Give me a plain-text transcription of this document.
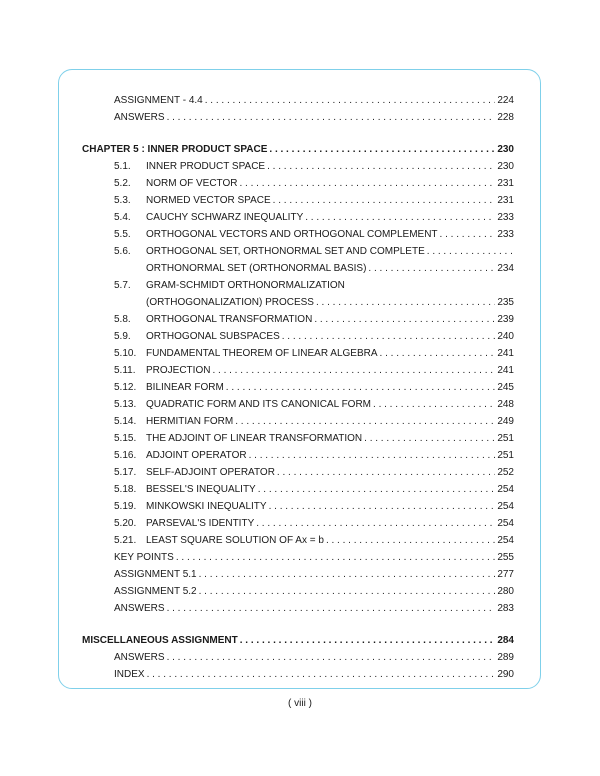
ASSIGNMENT - 4.4 . . .	224
ANSWERS . . .	228
CHAPTER 5 : INNER PRODUCT SPACE . . .	230
5.1.	INNER PRODUCT SPACE . . .	230
5.2.	NORM OF VECTOR . . .	231
5.3.	NORMED VECTOR SPACE . . .	231
5.4.	CAUCHY SCHWARZ INEQUALITY . . .	233
5.5.	ORTHOGONAL VECTORS AND ORTHOGONAL COMPLEMENT . . .	233
5.6.	ORTHOGONAL SET, ORTHONORMAL SET AND COMPLETE
. . .
ORTHONORMAL SET (ORTHONORMAL BASIS) . . .	234
5.7.	GRAM-SCHMIDT ORTHONORMALIZATION
(ORTHOGONALIZATION) PROCESS . . .	235
5.8.	ORTHOGONAL TRANSFORMATION . . .	239
5.9.	ORTHOGONAL SUBSPACES . . .	240
5.10. FUNDAMENTAL THEOREM OF LINEAR ALGEBRA . . .	241
5.11.	PROJECTION . . .	241
5.12. BILINEAR FORM . . .	245
5.13. QUADRATIC FORM AND ITS CANONICAL FORM . . .	248
5.14. HERMITIAN FORM . . .	249
5.15. THE ADJOINT OF LINEAR TRANSFORMATION . . .	251
5.16. ADJOINT OPERATOR . . .	251
5.17. SELF-ADJOINT OPERATOR . . .	252
5.18. BESSEL'S INEQUALITY . . .	254
5.19. MINKOWSKI INEQUALITY . . .	254
5.20. PARSEVAL'S IDENTITY . . .	254
5.21. LEAST SQUARE SOLUTION OF Ax = b . . .	254
KEY POINTS . . .	255
ASSIGNMENT 5.1 . . .	277
ASSIGNMENT 5.2 . . .	280
ANSWERS . . .	283
MISCELLANEOUS ASSIGNMENT . . .	284
ANSWERS . . .	289
INDEX . . .	290
( viii )
